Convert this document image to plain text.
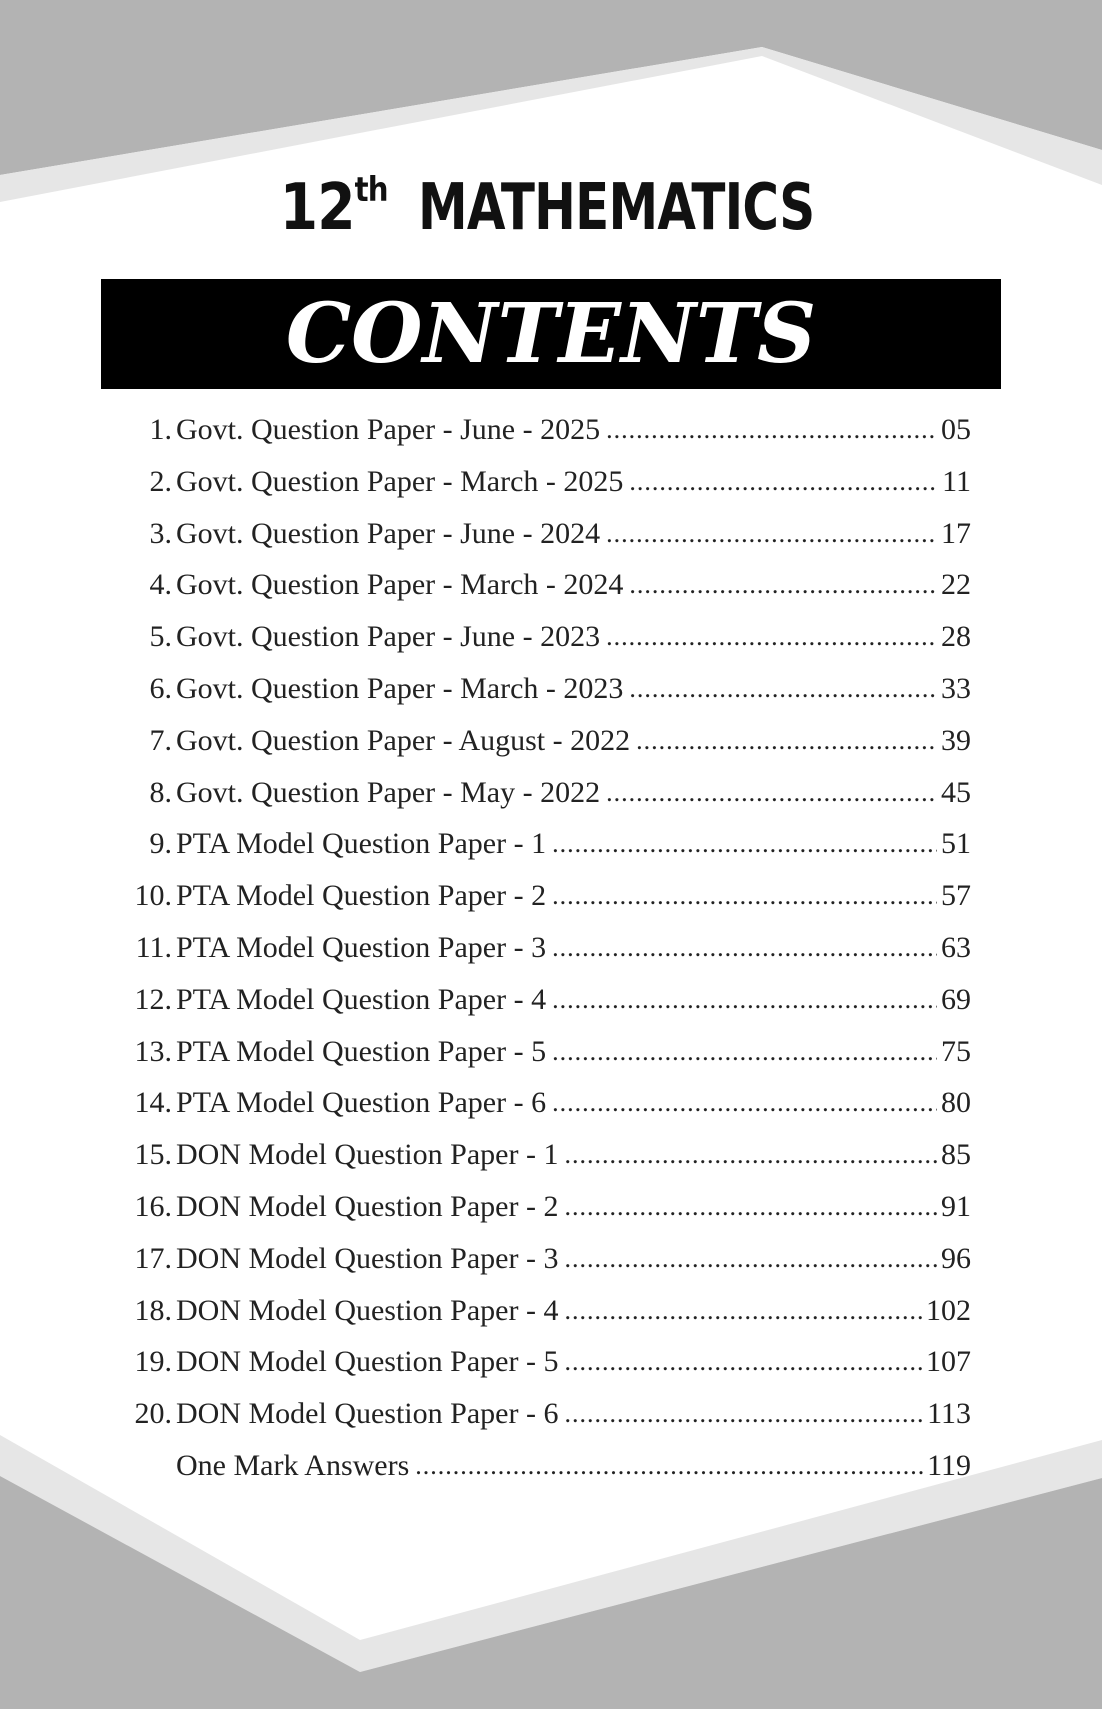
12th MATHEMATICS
CONTENTS
1. Govt. Question Paper - June - 2025 .....	05
2. Govt. Question Paper - March - 2025 .....	11
3. Govt. Question Paper - June - 2024 .....	17
4. Govt. Question Paper - March - 2024 .....	22
5. Govt. Question Paper - June - 2023 .....	28
6. Govt. Question Paper - March - 2023 .....	33
7. Govt. Question Paper - August - 2022 .....	39
8. Govt. Question Paper - May - 2022 .....	45
9. PTA Model Question Paper - 1 .....	51
10. PTA Model Question Paper - 2 .....	57
11. PTA Model Question Paper - 3 .....	63
12. PTA Model Question Paper - 4 .....	69
13. PTA Model Question Paper - 5 .....	75
14. PTA Model Question Paper - 6 .....	80
15. DON Model Question Paper - 1 .....	85
16. DON Model Question Paper - 2 .....	91
17. DON Model Question Paper - 3 .....	96
18. DON Model Question Paper - 4 .....	102
19. DON Model Question Paper - 5 .....	107
20. DON Model Question Paper - 6 .....	113
One Mark Answers .....	119
